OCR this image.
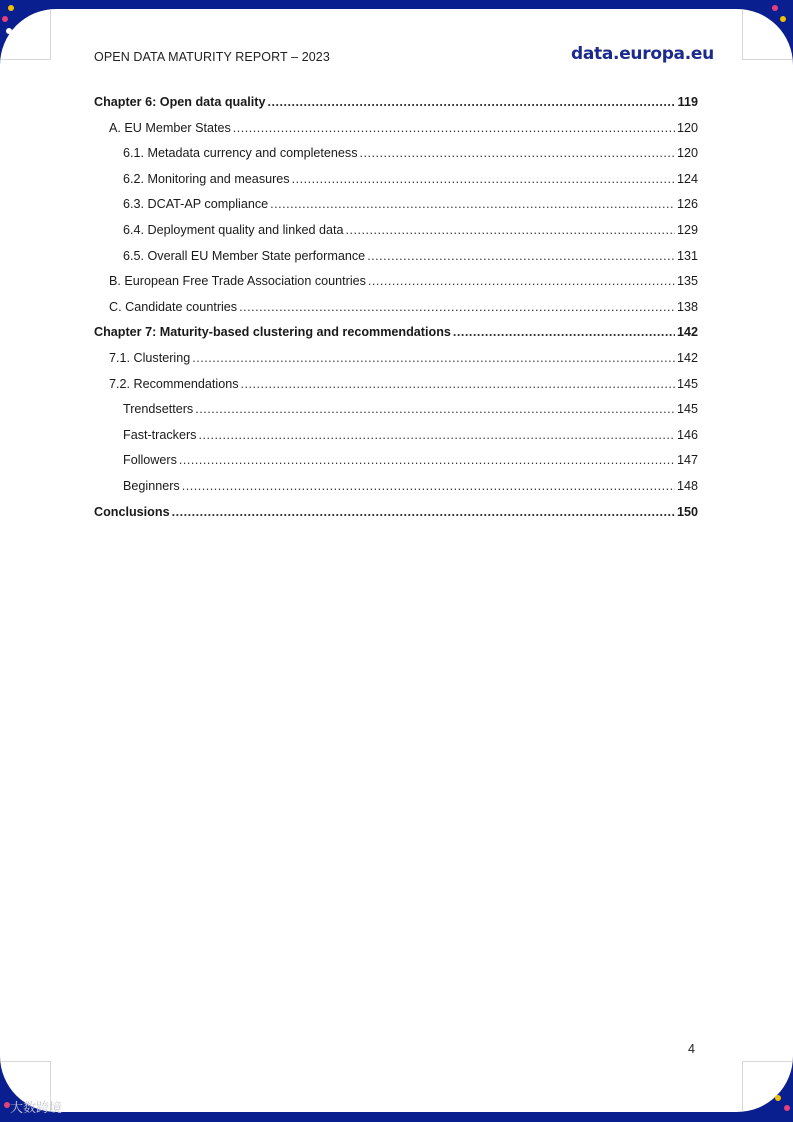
OPEN DATA MATURITY REPORT – 2023	data.europa.eu
Chapter 6: Open data quality .....	119
A. EU Member States .....	120
6.1. Metadata currency and completeness .....	120
6.2. Monitoring and measures .....	124
6.3. DCAT-AP compliance .....	126
6.4. Deployment quality and linked data .....	129
6.5. Overall EU Member State performance .....	131
B. European Free Trade Association countries .....	135
C. Candidate countries .....	138
Chapter 7: Maturity-based clustering and recommendations .....	142
7.1. Clustering .....	142
7.2. Recommendations .....	145
Trendsetters .....	145
Fast-trackers .....	146
Followers .....	147
Beginners .....	148
Conclusions .....	150
4
大数跨境
